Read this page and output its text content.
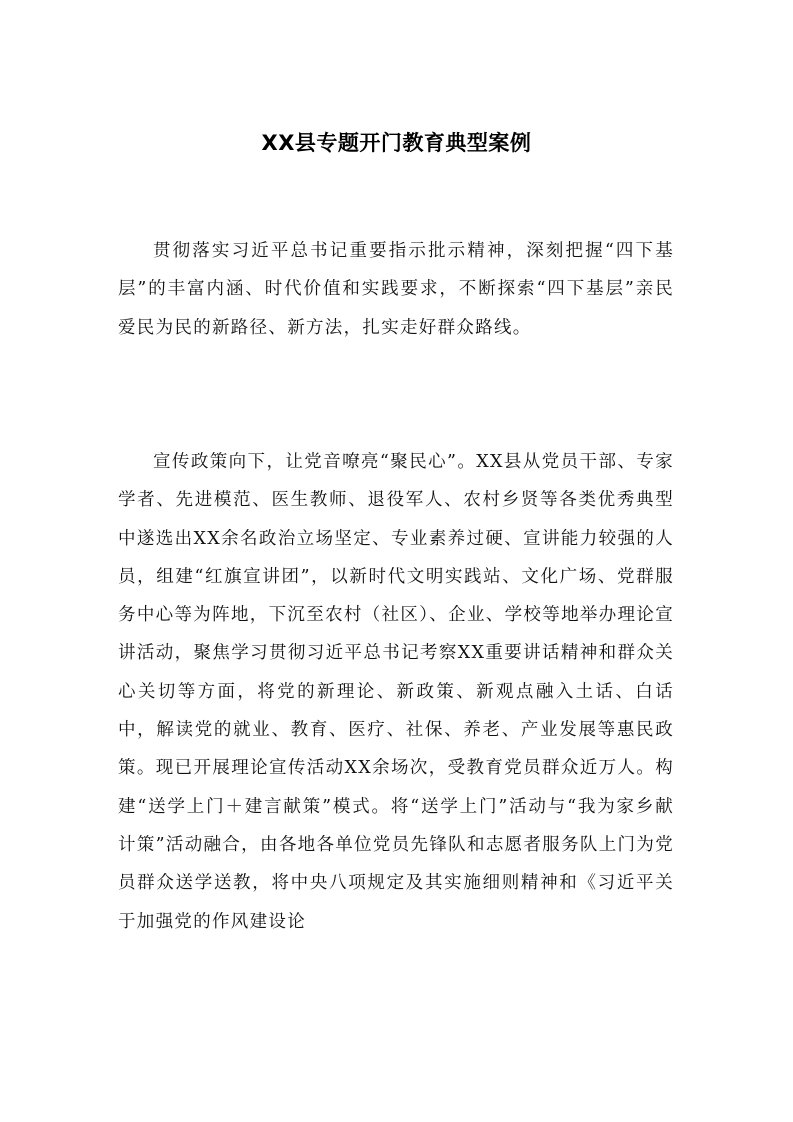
XX县专题开门教育典型案例

贯彻落实习近平总书记重要指示批示精神，深刻把握“四下基层”的丰富内涵、时代价值和实践要求，不断探索“四下基层”亲民爱民为民的新路径、新方法，扎实走好群众路线。

宣传政策向下，让党音嘹亮“聚民心”。XX县从党员干部、专家学者、先进模范、医生教师、退役军人、农村乡贤等各类优秀典型中遂选出XX余名政治立场坚定、专业素养过硬、宣讲能力较强的人员，组建“红旗宣讲团”，以新时代文明实践站、文化广场、党群服务中心等为阵地，下沉至农村（社区）、企业、学校等地举办理论宣讲活动，聚焦学习贯彻习近平总书记考察XX重要讲话精神和群众关心关切等方面，将党的新理论、新政策、新观点融入土话、白话中，解读党的就业、教育、医疗、社保、养老、产业发展等惠民政策。现已开展理论宣传活动XX余场次，受教育党员群众近万人。构建“送学上门＋建言献策”模式。将“送学上门”活动与“我为家乡献计策”活动融合，由各地各单位党员先锋队和志愿者服务队上门为党员群众送学送教，将中央八项规定及其实施细则精神和《习近平关于加强党的作风建设论
